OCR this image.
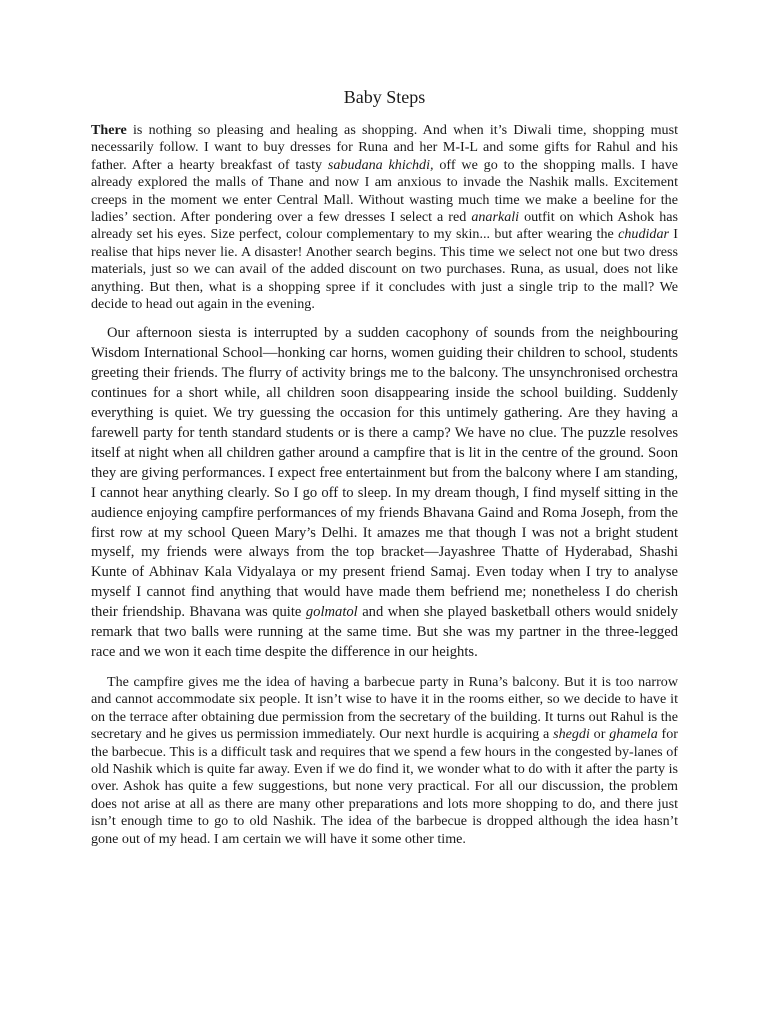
Baby Steps

There is nothing so pleasing and healing as shopping. And when it’s Diwali time, shopping must necessarily follow. I want to buy dresses for Runa and her M-I-L and some gifts for Rahul and his father. After a hearty breakfast of tasty sabudana khichdi, off we go to the shopping malls. I have already explored the malls of Thane and now I am anxious to invade the Nashik malls. Excitement creeps in the moment we enter Central Mall. Without wasting much time we make a beeline for the ladies’ section. After pondering over a few dresses I select a red anarkali outfit on which Ashok has already set his eyes. Size perfect, colour complementary to my skin... but after wearing the chudidar I realise that hips never lie. A disaster! Another search begins. This time we select not one but two dress materials, just so we can avail of the added discount on two purchases. Runa, as usual, does not like anything. But then, what is a shopping spree if it concludes with just a single trip to the mall? We decide to head out again in the evening.

Our afternoon siesta is interrupted by a sudden cacophony of sounds from the neighbouring Wisdom International School—honking car horns, women guiding their children to school, students greeting their friends. The flurry of activity brings me to the balcony. The unsynchronised orchestra continues for a short while, all children soon disappearing inside the school building. Suddenly everything is quiet. We try guessing the occasion for this untimely gathering. Are they having a farewell party for tenth standard students or is there a camp? We have no clue. The puzzle resolves itself at night when all children gather around a campfire that is lit in the centre of the ground. Soon they are giving performances. I expect free entertainment but from the balcony where I am standing, I cannot hear anything clearly. So I go off to sleep. In my dream though, I find myself sitting in the audience enjoying campfire performances of my friends Bhavana Gaind and Roma Joseph, from the first row at my school Queen Mary’s Delhi. It amazes me that though I was not a bright student myself, my friends were always from the top bracket—Jayashree Thatte of Hyderabad, Shashi Kunte of Abhinav Kala Vidyalaya or my present friend Samaj. Even today when I try to analyse myself I cannot find anything that would have made them befriend me; nonetheless I do cherish their friendship. Bhavana was quite golmatol and when she played basketball others would snidely remark that two balls were running at the same time. But she was my partner in the three-legged race and we won it each time despite the difference in our heights.

The campfire gives me the idea of having a barbecue party in Runa’s balcony. But it is too narrow and cannot accommodate six people. It isn’t wise to have it in the rooms either, so we decide to have it on the terrace after obtaining due permission from the secretary of the building. It turns out Rahul is the secretary and he gives us permission immediately. Our next hurdle is acquiring a shegdi or ghamela for the barbecue. This is a difficult task and requires that we spend a few hours in the congested by-lanes of old Nashik which is quite far away. Even if we do find it, we wonder what to do with it after the party is over. Ashok has quite a few suggestions, but none very practical. For all our discussion, the problem does not arise at all as there are many other preparations and lots more shopping to do, and there just isn’t enough time to go to old Nashik. The idea of the barbecue is dropped although the idea hasn’t gone out of my head. I am certain we will have it some other time.
